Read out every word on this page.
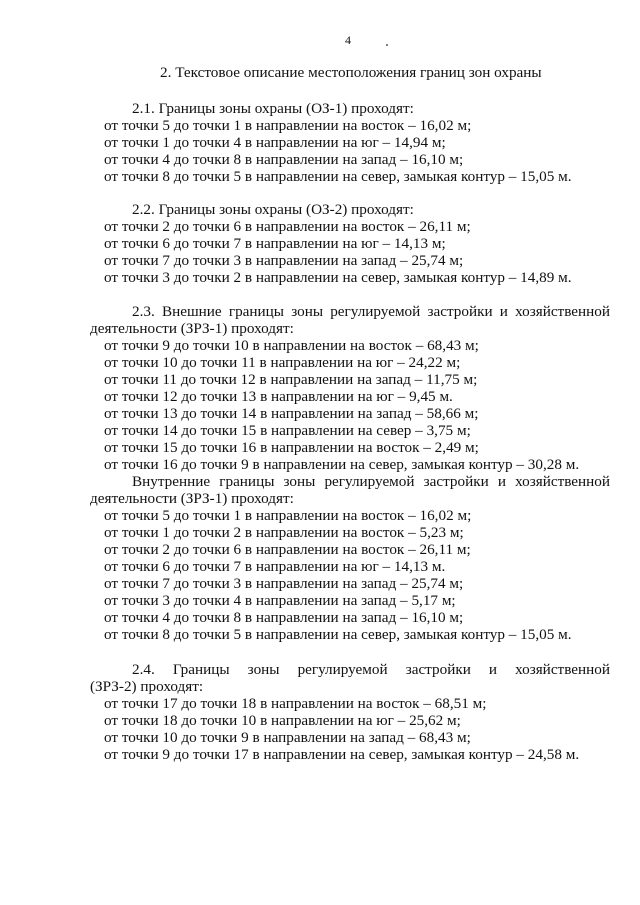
4
2. Текстовое описание местоположения границ зон охраны
2.1. Границы зоны охраны (ОЗ-1) проходят:
от точки 5 до точки 1 в направлении на восток – 16,02 м;
от точки 1 до точки 4 в направлении на юг – 14,94 м;
от точки 4 до точки 8 в направлении на запад – 16,10 м;
от точки 8 до точки 5 в направлении на север, замыкая контур – 15,05 м.
2.2. Границы зоны охраны (ОЗ-2) проходят:
от точки 2 до точки 6 в направлении на восток – 26,11 м;
от точки 6 до точки 7 в направлении на юг – 14,13 м;
от точки 7 до точки 3 в направлении на запад – 25,74 м;
от точки 3 до точки 2 в направлении на север, замыкая контур – 14,89 м.
2.3. Внешние границы зоны регулируемой застройки и хозяйственной
деятельности (ЗРЗ-1) проходят:
от точки 9 до точки 10 в направлении на восток – 68,43 м;
от точки 10 до точки 11 в направлении на юг – 24,22 м;
от точки 11 до точки 12 в направлении на запад – 11,75 м;
от точки 12 до точки 13 в направлении на юг – 9,45 м.
от точки 13 до точки 14 в направлении на запад – 58,66 м;
от точки 14 до точки 15 в направлении на север – 3,75 м;
от точки 15 до точки 16 в направлении на восток – 2,49 м;
от точки 16 до точки 9 в направлении на север, замыкая контур – 30,28 м.
Внутренние границы зоны регулируемой застройки и хозяйственной
деятельности (ЗРЗ-1) проходят:
от точки 5 до точки 1 в направлении на восток – 16,02 м;
от точки 1 до точки 2 в направлении на восток – 5,23 м;
от точки 2 до точки 6 в направлении на восток – 26,11 м;
от точки 6 до точки 7 в направлении на юг – 14,13 м.
от точки 7 до точки 3 в направлении на запад – 25,74 м;
от точки 3 до точки 4 в направлении на запад – 5,17 м;
от точки 4 до точки 8 в направлении на запад – 16,10 м;
от точки 8 до точки 5 в направлении на север, замыкая контур – 15,05 м.
2.4. Границы зоны регулируемой застройки и хозяйственной
(ЗРЗ-2) проходят:
от точки 17 до точки 18 в направлении на восток – 68,51 м;
от точки 18 до точки 10 в направлении на юг – 25,62 м;
от точки 10 до точки 9 в направлении на запад – 68,43 м;
от точки 9 до точки 17 в направлении на север, замыкая контур – 24,58 м.
